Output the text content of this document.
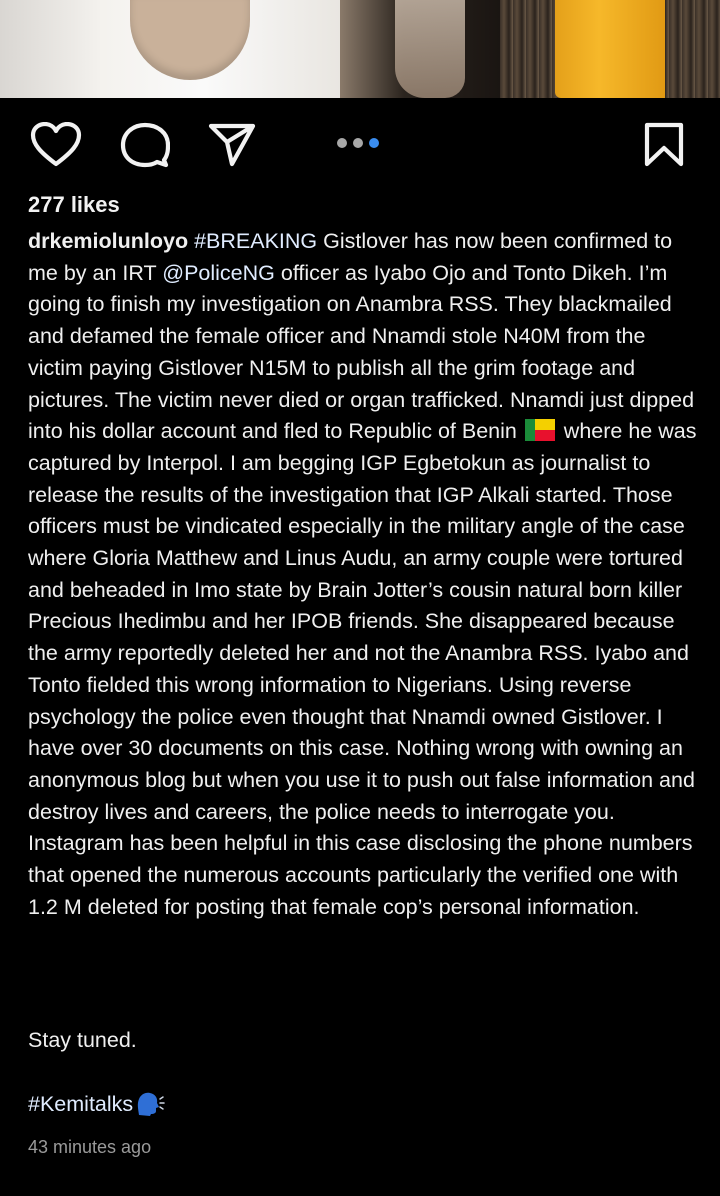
277 likes

drkemiolunloyo #BREAKING Gistlover has now been confirmed to me by an IRT @PoliceNG officer as Iyabo Ojo and Tonto Dikeh. I’m going to finish my investigation on Anambra RSS. They blackmailed and defamed the female officer and Nnamdi stole N40M from the victim paying Gistlover N15M to publish all the grim footage and pictures. The victim never died or organ trafficked. Nnamdi just dipped into his dollar account and fled to Republic of Benin  where he was captured by Interpol. I am begging IGP Egbetokun as journalist to release the results of the investigation that IGP Alkali started. Those officers must be vindicated especially in the military angle of the case where Gloria Matthew and Linus Audu, an army couple were tortured and beheaded in Imo state by Brain Jotter’s cousin natural born killer Precious Ihedimbu and her IPOB friends. She disappeared because the army reportedly deleted her and not the Anambra RSS. Iyabo and Tonto fielded this wrong information to Nigerians. Using reverse psychology the police even thought that Nnamdi owned Gistlover. I have over 30 documents on this case. Nothing wrong with owning an anonymous blog but when you use it to push out false information and destroy lives and careers, the police needs to interrogate you. Instagram has been helpful in this case disclosing the phone numbers that opened the numerous accounts particularly the verified one with 1.2 M deleted for posting that female cop’s personal information.

Stay tuned.
#Kemitalks
43 minutes ago
